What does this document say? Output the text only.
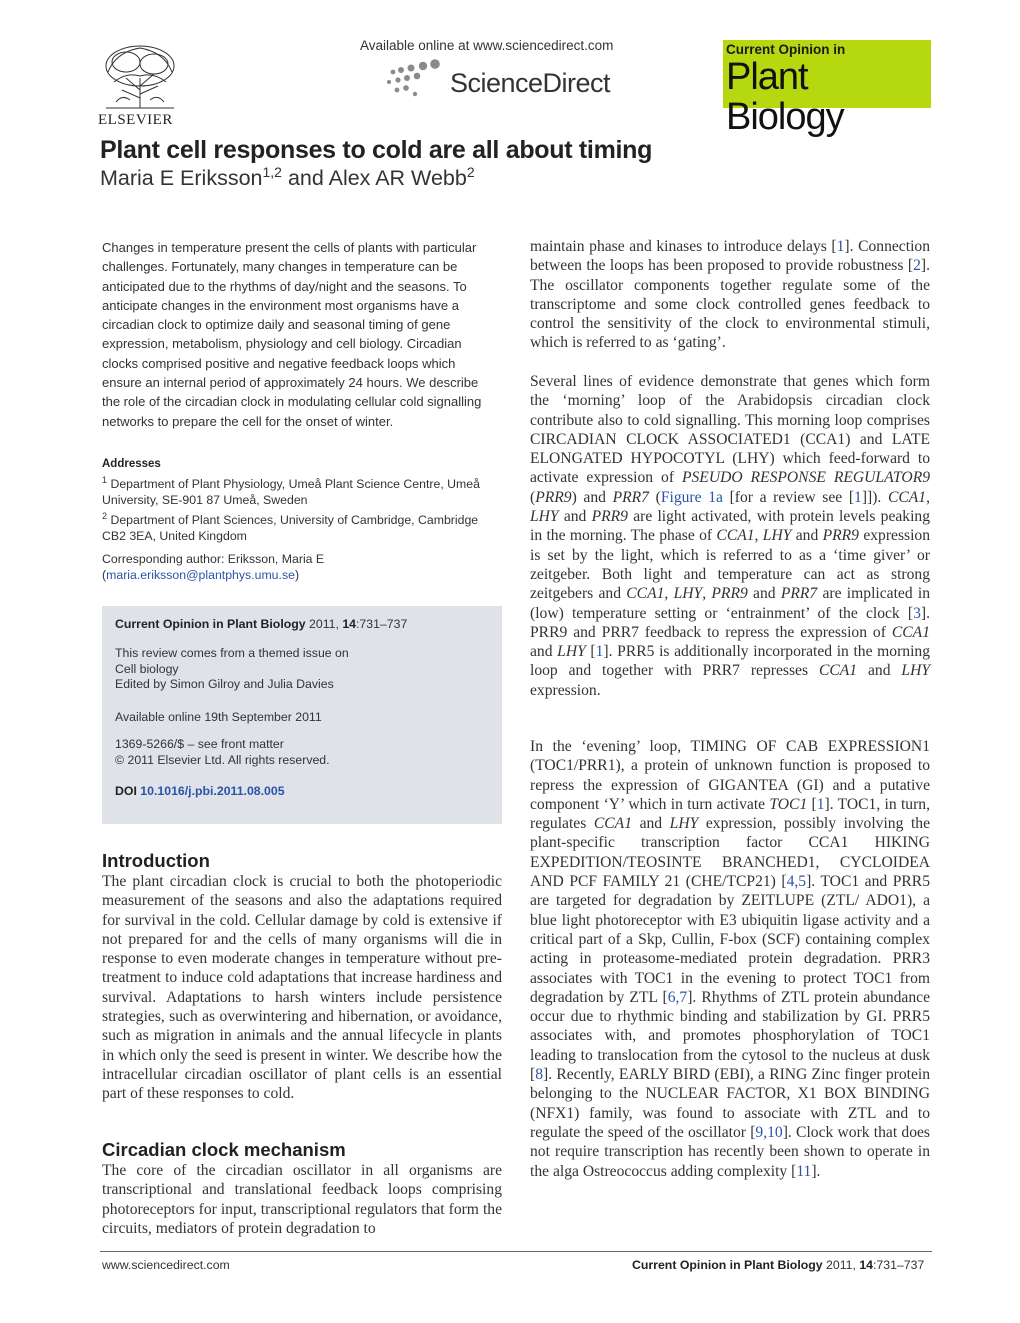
ELSEVIER
Available online at www.sciencedirect.com
ScienceDirect
Current Opinion in
Plant Biology
Plant cell responses to cold are all about timing
Maria E Eriksson$^{1,2}$ and Alex AR Webb$^2$
Changes in temperature present the cells of plants with particular challenges. Fortunately, many changes in temperature can be anticipated due to the rhythms of day/night and the seasons. To anticipate changes in the environment most organisms have a circadian clock to optimize daily and seasonal timing of gene expression, metabolism, physiology and cell biology. Circadian clocks comprised positive and negative feedback loops which ensure an internal period of approximately 24 hours. We describe the role of the circadian clock in modulating cellular cold signalling networks to prepare the cell for the onset of winter.
Addresses
$^1$ Department of Plant Physiology, Umeå Plant Science Centre, Umeå University, SE-901 87 Umeå, Sweden
$^2$ Department of Plant Sciences, University of Cambridge, Cambridge CB2 3EA, United Kingdom
Corresponding author: Eriksson, Maria E
(maria.eriksson@plantphys.umu.se)
Current Opinion in Plant Biology 2011, 14:731–737
This review comes from a themed issue on
Cell biology
Edited by Simon Gilroy and Julia Davies
Available online 19th September 2011
1369-5266/$ – see front matter
© 2011 Elsevier Ltd. All rights reserved.
DOI 10.1016/j.pbi.2011.08.005
Introduction
The plant circadian clock is crucial to both the photoperiodic measurement of the seasons and also the adaptations required for survival in the cold. Cellular damage by cold is extensive if not prepared for and the cells of many organisms will die in response to even moderate changes in temperature without pre-treatment to induce cold adaptations that increase hardiness and survival. Adaptations to harsh winters include persistence strategies, such as overwintering and hibernation, or avoidance, such as migration in animals and the annual lifecycle in plants in which only the seed is present in winter. We describe how the intracellular circadian oscillator of plant cells is an essential part of these responses to cold.
Circadian clock mechanism
The core of the circadian oscillator in all organisms are transcriptional and translational feedback loops comprising photoreceptors for input, transcriptional regulators that form the circuits, mediators of protein degradation to
maintain phase and kinases to introduce delays [1]. Connection between the loops has been proposed to provide robustness [2]. The oscillator components together regulate some of the transcriptome and some clock controlled genes feedback to control the sensitivity of the clock to environmental stimuli, which is referred to as ‘gating’.
Several lines of evidence demonstrate that genes which form the ‘morning’ loop of the Arabidopsis circadian clock contribute also to cold signalling. This morning loop comprises CIRCADIAN CLOCK ASSOCIATED1 (CCA1) and LATE ELONGATED HYPOCOTYL (LHY) which feed-forward to activate expression of PSEUDO RESPONSE REGULATOR9 (PRR9) and PRR7 (Figure 1a [for a review see [1]]). CCA1, LHY and PRR9 are light activated, with protein levels peaking in the morning. The phase of CCA1, LHY and PRR9 expression is set by the light, which is referred to as a ‘time giver’ or zeitgeber. Both light and temperature can act as strong zeitgebers and CCA1, LHY, PRR9 and PRR7 are implicated in (low) temperature setting or ‘entrainment’ of the clock [3]. PRR9 and PRR7 feedback to repress the expression of CCA1 and LHY [1]. PRR5 is additionally incorporated in the morning loop and together with PRR7 represses CCA1 and LHY expression.
In the ‘evening’ loop, TIMING OF CAB EXPRESSION1 (TOC1/PRR1), a protein of unknown function is proposed to repress the expression of GIGANTEA (GI) and a putative component ‘Y’ which in turn activate TOC1 [1]. TOC1, in turn, regulates CCA1 and LHY expression, possibly involving the plant-specific transcription factor CCA1 HIKING EXPEDITION/TEOSINTE BRANCHED1, CYCLOIDEA AND PCF FAMILY 21 (CHE/TCP21) [4,5]. TOC1 and PRR5 are targeted for degradation by ZEITLUPE (ZTL/ ADO1), a blue light photoreceptor with E3 ubiquitin ligase activity and a critical part of a Skp, Cullin, F-box (SCF) containing complex acting in proteasome-mediated protein degradation. PRR3 associates with TOC1 in the evening to protect TOC1 from degradation by ZTL [6,7]. Rhythms of ZTL protein abundance occur due to rhythmic binding and stabilization by GI. PRR5 associates with, and promotes phosphorylation of TOC1 leading to translocation from the cytosol to the nucleus at dusk [8]. Recently, EARLY BIRD (EBI), a RING Zinc finger protein belonging to the NUCLEAR FACTOR, X1 BOX BINDING (NFX1) family, was found to associate with ZTL and to regulate the speed of the oscillator [9,10]. Clock work that does not require transcription has recently been shown to operate in the alga Ostreococcus adding complexity [11].
www.sciencedirect.com	Current Opinion in Plant Biology 2011, 14:731–737
